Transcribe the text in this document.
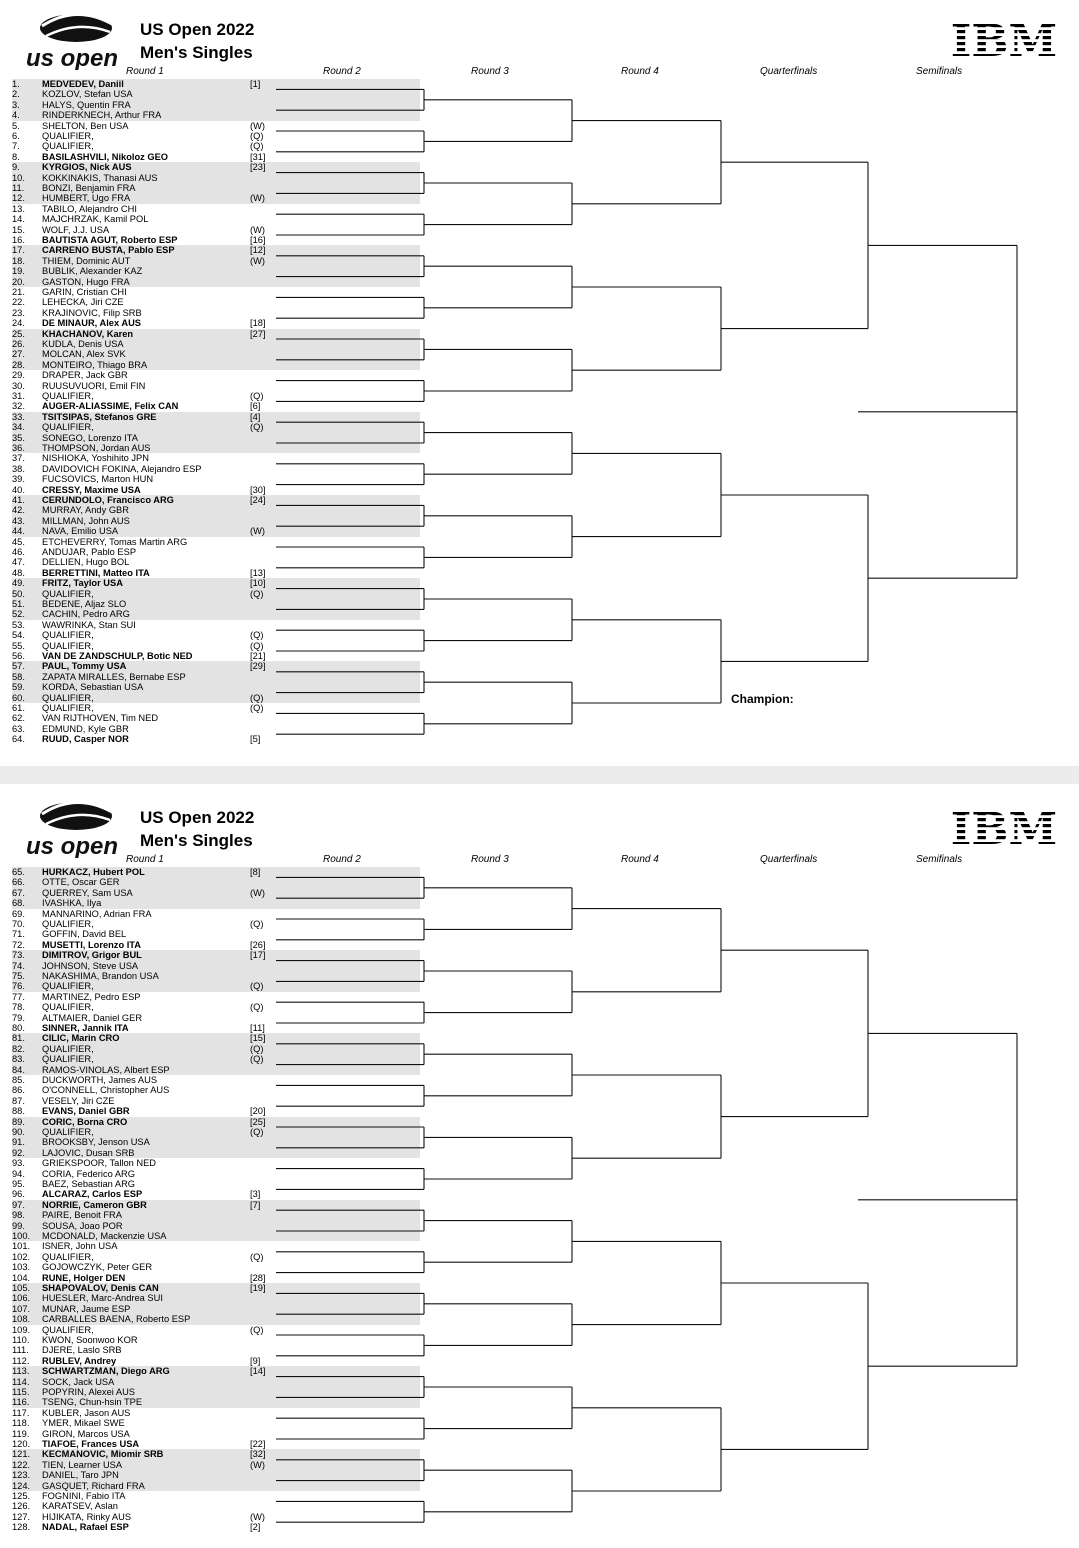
us open
US Open 2022
Men's Singles	IBM
Round 1	Round 2	Round 3	Round 4	Quarterfinals	Semifinals
1.	MEDVEDEV, Daniil	[1]
2.	KOZLOV, Stefan USA
3.	HALYS, Quentin FRA
4.	RINDERKNECH, Arthur FRA
5.	SHELTON, Ben USA	(W)
6.	QUALIFIER,	(Q)
7.	QUALIFIER,	(Q)
8.	BASILASHVILI, Nikoloz GEO	[31]
9.	KYRGIOS, Nick AUS	[23]
10.	KOKKINAKIS, Thanasi AUS
11.	BONZI, Benjamin FRA
12.	HUMBERT, Ugo FRA	(W)
13.	TABILO, Alejandro CHI
14.	MAJCHRZAK, Kamil POL
15.	WOLF, J.J. USA	(W)
16.	BAUTISTA AGUT, Roberto ESP	[16]
17.	CARRENO BUSTA, Pablo ESP	[12]
18.	THIEM, Dominic AUT	(W)
19.	BUBLIK, Alexander KAZ
20.	GASTON, Hugo FRA
21.	GARIN, Cristian CHI
22.	LEHECKA, Jiri CZE
23.	KRAJINOVIC, Filip SRB
24.	DE MINAUR, Alex AUS	[18]
25.	KHACHANOV, Karen	[27]
26.	KUDLA, Denis USA
27.	MOLCAN, Alex SVK
28.	MONTEIRO, Thiago BRA
29.	DRAPER, Jack GBR
30.	RUUSUVUORI, Emil FIN
31.	QUALIFIER,	(Q)
32.	AUGER-ALIASSIME, Felix CAN	[6]
33.	TSITSIPAS, Stefanos GRE	[4]
34.	QUALIFIER,	(Q)
35.	SONEGO, Lorenzo ITA
36.	THOMPSON, Jordan AUS
37.	NISHIOKA, Yoshihito JPN
38.	DAVIDOVICH FOKINA, Alejandro ESP
39.	FUCSOVICS, Marton HUN
40.	CRESSY, Maxime USA	[30]
41.	CERUNDOLO, Francisco ARG	[24]
42.	MURRAY, Andy GBR
43.	MILLMAN, John AUS
44.	NAVA, Emilio USA	(W)
45.	ETCHEVERRY, Tomas Martin ARG
46.	ANDUJAR, Pablo ESP
47.	DELLIEN, Hugo BOL
48.	BERRETTINI, Matteo ITA	[13]
49.	FRITZ, Taylor USA	[10]
50.	QUALIFIER,	(Q)
51.	BEDENE, Aljaz SLO
52.	CACHIN, Pedro ARG
53.	WAWRINKA, Stan SUI
54.	QUALIFIER,	(Q)
55.	QUALIFIER,	(Q)
56.	VAN DE ZANDSCHULP, Botic NED	[21]
57.	PAUL, Tommy USA	[29]
58.	ZAPATA MIRALLES, Bernabe ESP
59.	KORDA, Sebastian USA
60.	QUALIFIER,	(Q)
61.	QUALIFIER,	(Q)
62.	VAN RIJTHOVEN, Tim NED
63.	EDMUND, Kyle GBR
64.	RUUD, Casper NOR	[5]
Champion:
us open
US Open 2022
Men's Singles	IBM
Round 1	Round 2	Round 3	Round 4	Quarterfinals	Semifinals
65.	HURKACZ, Hubert POL	[8]
66.	OTTE, Oscar GER
67.	QUERREY, Sam USA	(W)
68.	IVASHKA, Ilya
69.	MANNARINO, Adrian FRA
70.	QUALIFIER,	(Q)
71.	GOFFIN, David BEL
72.	MUSETTI, Lorenzo ITA	[26]
73.	DIMITROV, Grigor BUL	[17]
74.	JOHNSON, Steve USA
75.	NAKASHIMA, Brandon USA
76.	QUALIFIER,	(Q)
77.	MARTINEZ, Pedro ESP
78.	QUALIFIER,	(Q)
79.	ALTMAIER, Daniel GER
80.	SINNER, Jannik ITA	[11]
81.	CILIC, Marin CRO	[15]
82.	QUALIFIER,	(Q)
83.	QUALIFIER,	(Q)
84.	RAMOS-VINOLAS, Albert ESP
85.	DUCKWORTH, James AUS
86.	O'CONNELL, Christopher AUS
87.	VESELY, Jiri CZE
88.	EVANS, Daniel GBR	[20]
89.	CORIC, Borna CRO	[25]
90.	QUALIFIER,	(Q)
91.	BROOKSBY, Jenson USA
92.	LAJOVIC, Dusan SRB
93.	GRIEKSPOOR, Tallon NED
94.	CORIA, Federico ARG
95.	BAEZ, Sebastian ARG
96.	ALCARAZ, Carlos ESP	[3]
97.	NORRIE, Cameron GBR	[7]
98.	PAIRE, Benoit FRA
99.	SOUSA, Joao POR
100.	MCDONALD, Mackenzie USA
101.	ISNER, John USA
102.	QUALIFIER,	(Q)
103.	GOJOWCZYK, Peter GER
104.	RUNE, Holger DEN	[28]
105.	SHAPOVALOV, Denis CAN	[19]
106.	HUESLER, Marc-Andrea SUI
107.	MUNAR, Jaume ESP
108.	CARBALLES BAENA, Roberto ESP
109.	QUALIFIER,	(Q)
110.	KWON, Soonwoo KOR
111.	DJERE, Laslo SRB
112.	RUBLEV, Andrey	[9]
113.	SCHWARTZMAN, Diego ARG	[14]
114.	SOCK, Jack USA
115.	POPYRIN, Alexei AUS
116.	TSENG, Chun-hsin TPE
117.	KUBLER, Jason AUS
118.	YMER, Mikael SWE
119.	GIRON, Marcos USA
120.	TIAFOE, Frances USA	[22]
121.	KECMANOVIC, Miomir SRB	[32]
122.	TIEN, Learner USA	(W)
123.	DANIEL, Taro JPN
124.	GASQUET, Richard FRA
125.	FOGNINI, Fabio ITA
126.	KARATSEV, Aslan
127.	HIJIKATA, Rinky AUS	(W)
128.	NADAL, Rafael ESP	[2]
